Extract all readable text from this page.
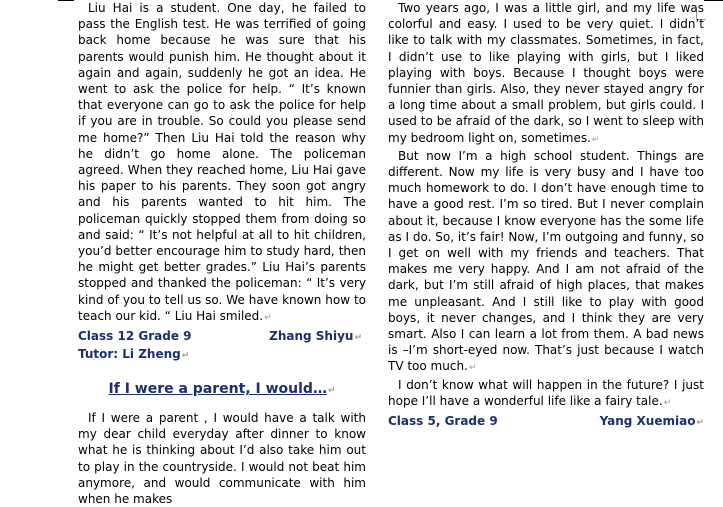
Liu Hai is a student. One day, he failed to pass the English test. He was terrified of going back home because he was sure that his parents would punish him. He thought about it again and again, suddenly he got an idea. He went to ask the police for help. “ It’s known that everyone can go to ask the police for help if you are in trouble. So could you please send me home?” Then Liu Hai told the reason why he didn’t go home alone. The policeman agreed. When they reached home, Liu Hai gave his paper to his parents. They soon got angry and his parents wanted to hit him. The policeman quickly stopped them from doing so and said: “ It’s not helpful at all to hit children, you’d better encourage him to study hard, then he might get better grades.” Liu Hai’s parents stopped and thanked the policeman: “ It’s very kind of you to tell us so. We have known how to teach our kid. “ Liu Hai smiled.↵

Class 12 Grade 9	Zhang Shiyu↵
Tutor: Li Zheng↵
If I were a parent, I would…↵

If I were a parent , I would have a talk with my dear child everyday after dinner to know what he is thinking about I’d also take him out to play in the countryside. I would not beat him anymore, and would communicate with him when he makes

Two years ago, I was a little girl, and my life was colorful and easy. I used to be very quiet. I didn’t like to talk with my classmates. Sometimes, in fact, I didn’t use to like playing with girls, but I liked playing with boys. Because I thought boys were funnier than girls. Also, they never stayed angry for a long time about a small problem, but girls could. I used to be afraid of the dark, so I went to sleep with my bedroom light on, sometimes.↵

But now I’m a high school student. Things are different. Now my life is very busy and I have too much homework to do. I don’t have enough time to have a good rest. I’m so tired. But I never complain about it, because I know everyone has the some life as I do. So, it’s fair! Now, I’m outgoing and funny, so I get on well with my friends and teachers. That makes me very happy. And I am not afraid of the dark, but I’m still afraid of high places, that makes me unpleasant. And I still like to play with good boys, it never changes, and I think they are very smart. Also I can learn a lot from them. A bad news is –I’m short-eyed now. That’s just because I watch TV too much.↵

I don’t know what will happen in the future? I just hope I’ll have a wonderful life like a fairy tale.↵

Class 5, Grade 9	Yang Xuemiao↵
